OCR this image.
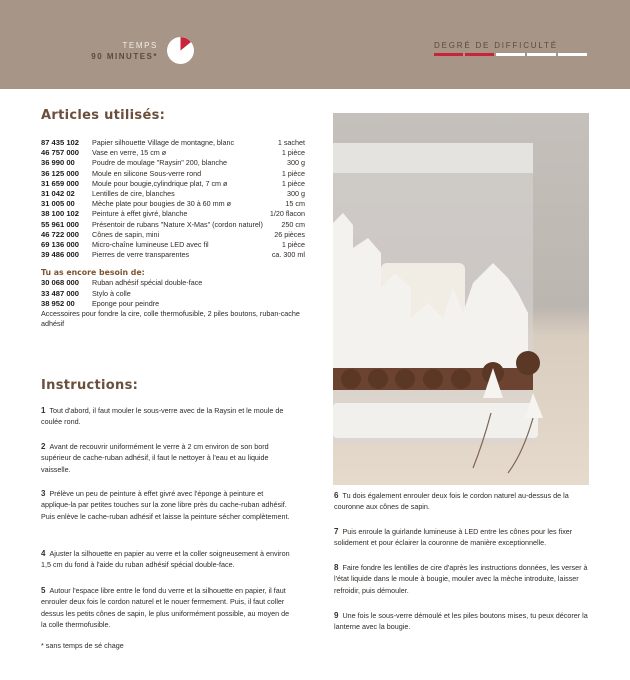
TEMPS
90 MINUTES*
DEGRÉ DE DIFFICULTÉ
Articles utilisés:
87 435 102	Papier silhouette Village de montagne, blanc	1 sachet
46 757 000	Vase en verre, 15 cm ø	1 pièce
36 990 00	Poudre de moulage "Raysin" 200, blanche	300 g
36 125 000	Moule en silicone Sous-verre rond	1 pièce
31 659 000	Moule pour bougie,cylindrique plat, 7 cm ø	1 pièce
31 042 02	Lentilles de cire, blanches	300 g
31 005 00	Mèche plate pour bougies de 30 à 60 mm ø	15 cm
38 100 102	Peinture à effet givré, blanche	1/20 flacon
55 961 000	Présentoir de rubans "Nature X-Mas" (cordon naturel)	250 cm
46 722 000	Cônes de sapin, mini	26 pièces
69 136 000	Micro-chaîne lumineuse LED avec fil	1 pièce
39 486 000	Pierres de verre transparentes	ca. 300 ml
Tu as encore besoin de:
30 068 000	Ruban adhésif spécial double-face
33 487 000	Stylo à colle
38 952 00	Eponge pour peindre
Accessoires pour fondre la cire, colle thermofusible, 2 piles boutons, ruban-cache adhésif
Instructions:
1 Tout d'abord, il faut mouler le sous-verre avec de la Raysin et le moule de coulée rond.
2 Avant de recouvrir uniformément le verre à 2 cm environ de son bord supérieur de cache-ruban adhésif, il faut le nettoyer à l'eau et au liquide vaisselle.
3 Prélève un peu de peinture à effet givré avec l'éponge à peinture et applique-la par petites touches sur la zone libre près du cache-ruban adhésif. Puis enlève le cache-ruban adhésif et laisse la peinture sécher complètement.
4 Ajuster la silhouette en papier au verre et la coller soigneusement à environ 1,5 cm du fond à l'aide du ruban adhésif spécial double-face.
5 Autour l'espace libre entre le fond du verre et la silhouette en papier, il faut enrouler deux fois le cordon naturel et le nouer fermement. Puis, il faut coller dessus les petits cônes de sapin, le plus uniformément possible, au moyen de la colle thermofusible.
6 Tu dois également enrouler deux fois le cordon naturel au-dessus de la couronne aux cônes de sapin.
7 Puis enroule la guirlande lumineuse à LED entre les cônes pour les fixer solidement et pour éclairer la couronne de manière exceptionnelle.
8 Faire fondre les lentilles de cire d'après les instructions données, les verser à l'état liquide dans le moule à bougie, mouler avec la mèche introduite, laisser refroidir, puis démouler.
9 Une fois le sous-verre démoulé et les piles boutons mises, tu peux décorer la lanterne avec la bougie.
* sans temps de sé chage
